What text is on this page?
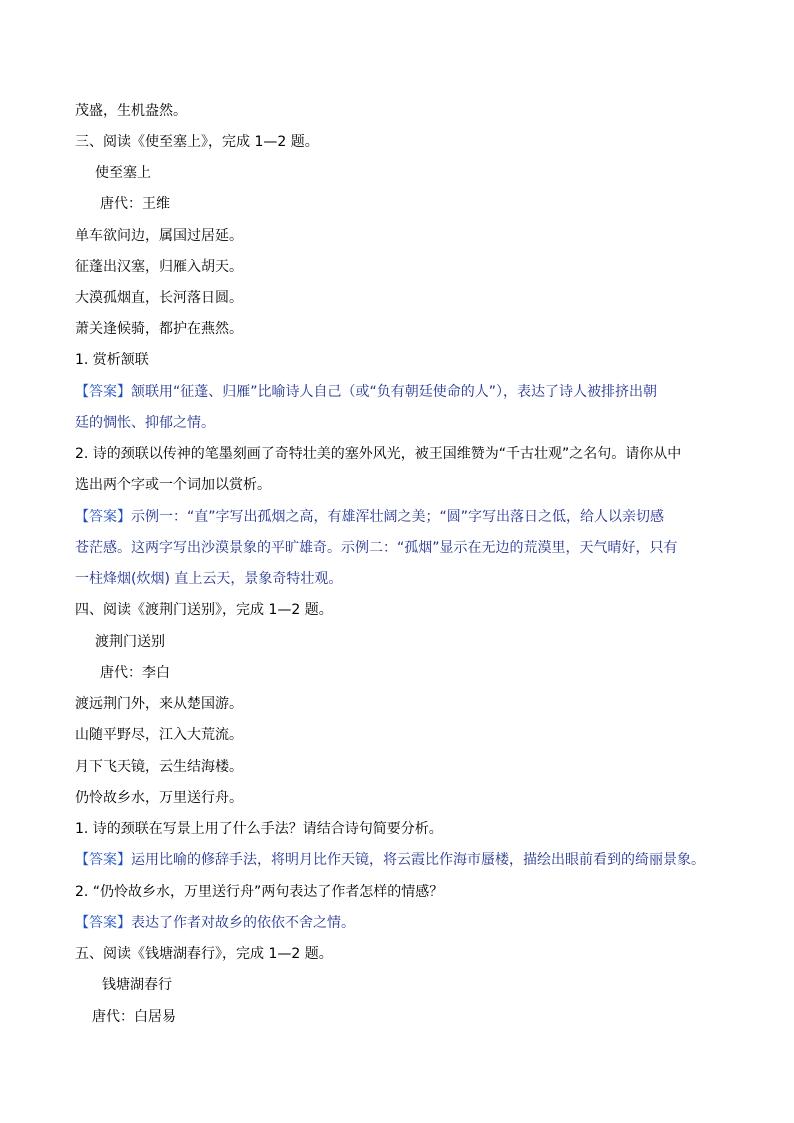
茂盛，生机盎然。
三、阅读《使至塞上》，完成 1—2 题。
使至塞上
唐代：王维
单车欲问边，属国过居延。
征蓬出汉塞，归雁入胡天。
大漠孤烟直，长河落日圆。
萧关逢候骑，都护在燕然。
1. 赏析颔联
【答案】颔联用“征蓬、归雁”比喻诗人自己（或“负有朝廷使命的人”），表达了诗人被排挤出朝
廷的惆怅、抑郁之情。
2. 诗的颈联以传神的笔墨刻画了奇特壮美的塞外风光，被王国维赞为“千古壮观”之名句。请你从中
选出两个字或一个词加以赏析。
【答案】示例一：“直”字写出孤烟之高，有雄浑壮阔之美；“圆”字写出落日之低，给人以亲切感
苍茫感。这两字写出沙漠景象的平旷雄奇。示例二：“孤烟”显示在无边的荒漠里，天气晴好，只有
一柱烽烟(炊烟) 直上云天，景象奇特壮观。
四、阅读《渡荆门送别》，完成 1—2 题。
渡荆门送别
唐代：李白
渡远荆门外，来从楚国游。
山随平野尽，江入大荒流。
月下飞天镜，云生结海楼。
仍怜故乡水，万里送行舟。
1. 诗的颈联在写景上用了什么手法？请结合诗句简要分析。
【答案】运用比喻的修辞手法，将明月比作天镜，将云霞比作海市蜃楼，描绘出眼前看到的绮丽景象。
2. “仍怜故乡水，万里送行舟”两句表达了作者怎样的情感？
【答案】表达了作者对故乡的依依不舍之情。
五、阅读《钱塘湖春行》，完成 1—2 题。
钱塘湖春行
唐代：白居易
